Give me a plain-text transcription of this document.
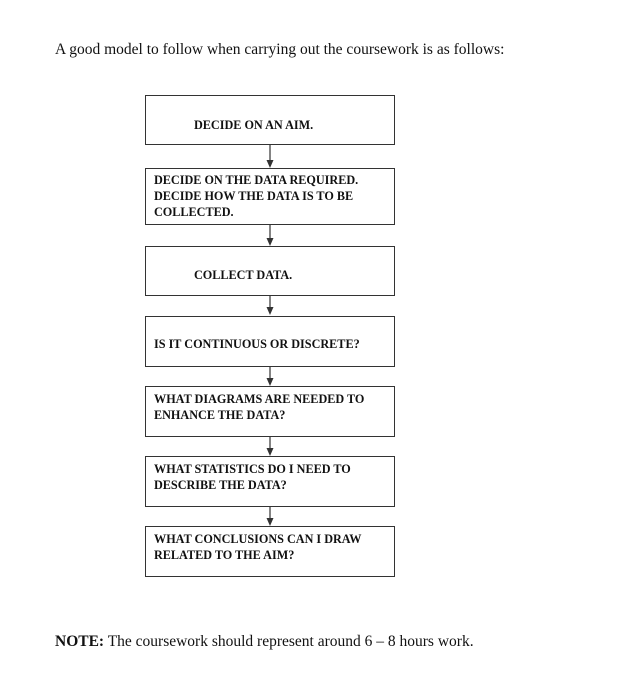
A good model to follow when carrying out the coursework is as follows:
DECIDE ON AN AIM.
DECIDE ON THE DATA REQUIRED.
DECIDE HOW THE DATA IS TO BE
COLLECTED.
COLLECT DATA.
IS IT CONTINUOUS OR DISCRETE?
WHAT DIAGRAMS ARE NEEDED TO
ENHANCE THE DATA?
WHAT STATISTICS DO I NEED TO
DESCRIBE THE DATA?
WHAT CONCLUSIONS CAN I DRAW
RELATED TO THE AIM?
NOTE: The coursework should represent around 6 – 8 hours work.
